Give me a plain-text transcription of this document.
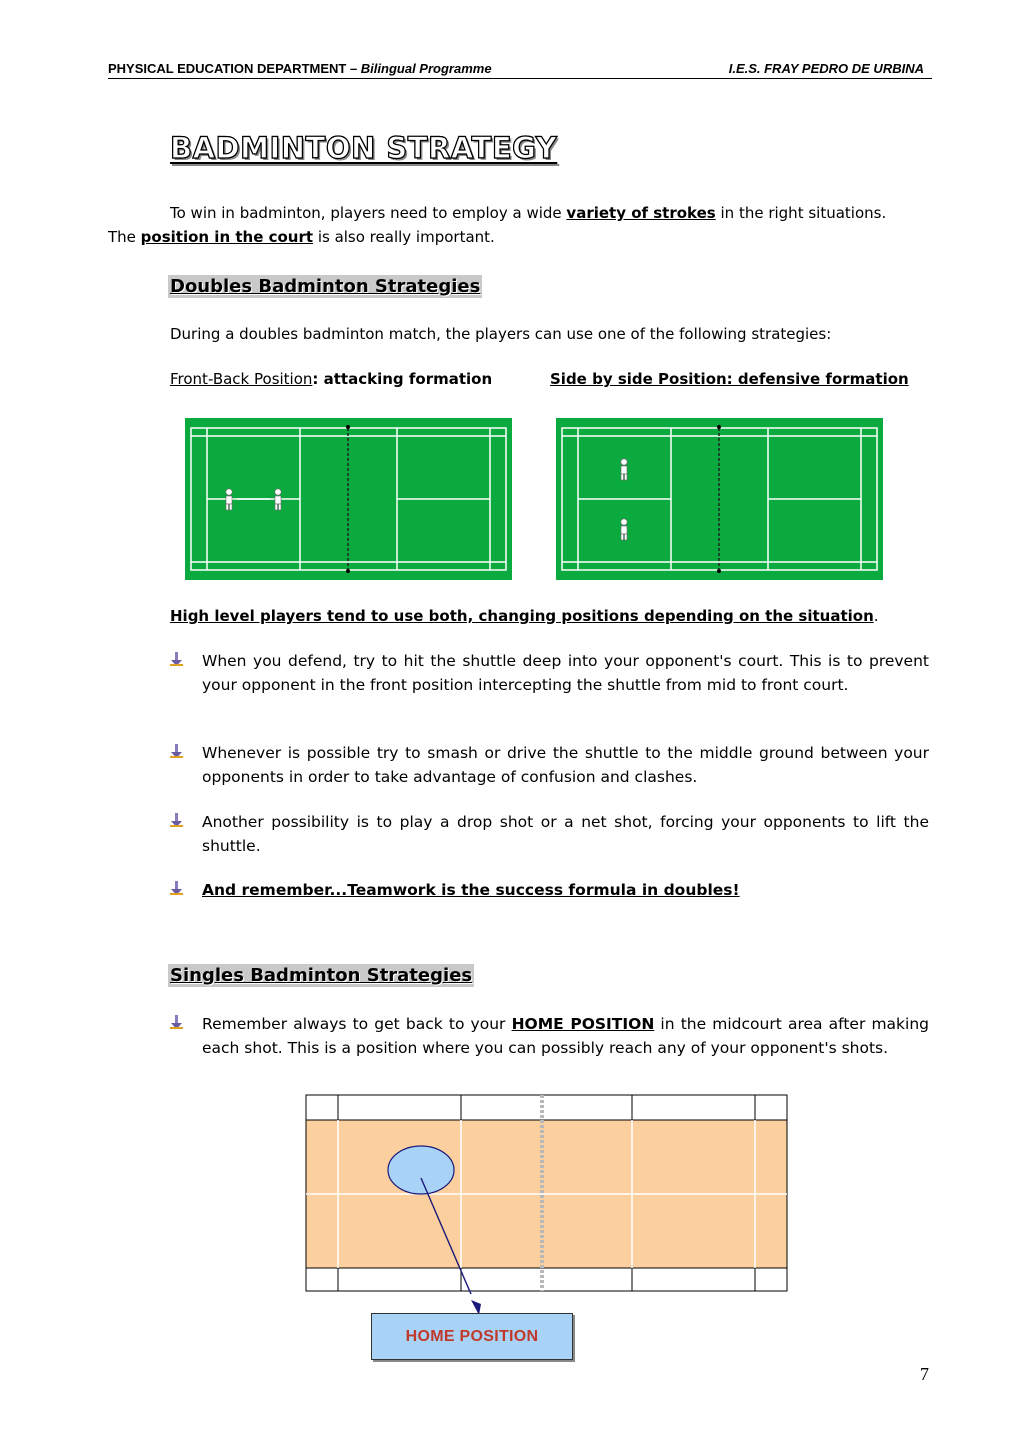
PHYSICAL EDUCATION DEPARTMENT – Bilingual Programme	I.E.S. FRAY PEDRO DE URBINA
BADMINTON STRATEGY
To win in badminton, players need to employ a wide variety of strokes in the right situations.
The position in the court is also really important.
Doubles Badminton Strategies
During a doubles badminton match, the players can use one of the following strategies:
Front-Back Position: attacking formation	Side by side Position: defensive formation
High level players tend to use both, changing positions depending on the situation.
When you defend, try to hit the shuttle deep into your opponent's court. This is to prevent your opponent in the front position intercepting the shuttle from mid to front court.
Whenever is possible try to smash or drive the shuttle to the middle ground between your opponents in order to take advantage of confusion and clashes.
Another possibility is to play a drop shot or a net shot, forcing your opponents to lift the shuttle.
And remember...Teamwork is the success formula in doubles!
Singles Badminton Strategies
Remember always to get back to your HOME POSITION in the midcourt area after making each shot. This is a position where you can possibly reach any of your opponent's shots.
HOME POSITION
7
